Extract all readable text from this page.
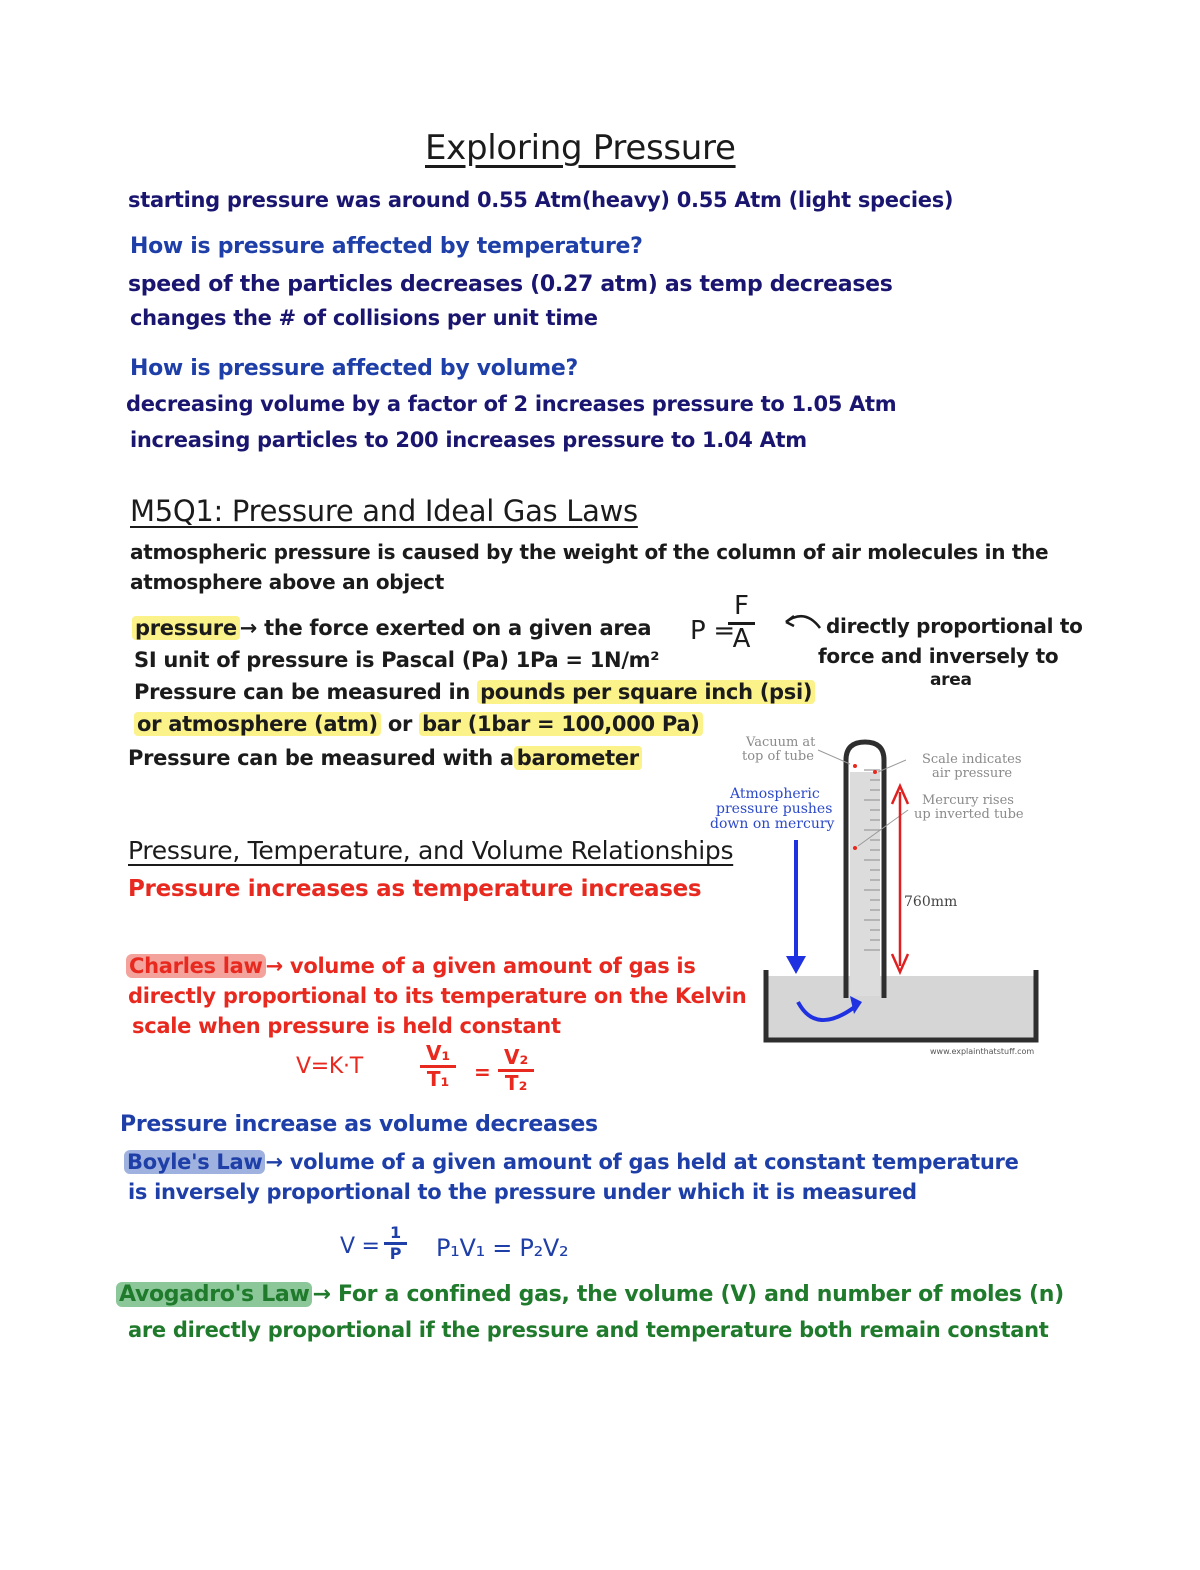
Exploring Pressure
starting pressure was around 0.55 Atm(heavy) 0.55 Atm (light species)
How is pressure affected by temperature?
speed of the particles decreases (0.27 atm) as temp decreases
changes the # of collisions per unit time
How is pressure affected by volume?
decreasing volume by a factor of 2 increases pressure to 1.05 Atm
increasing particles to 200 increases pressure to 1.04 Atm
M5Q1: Pressure and Ideal Gas Laws
atmospheric pressure is caused by the weight of the column of air molecules in the
atmosphere above an object
pressure → the force exerted on a given area
SI unit of pressure is Pascal (Pa) 1Pa = 1N/m²
Pressure can be measured in pounds per square inch (psi)
or atmosphere (atm) or bar (1bar = 100,000 Pa)
Pressure can be measured with a barometer
P =
$\frac{F}{A}$	directly proportional to
force and inversely to
area
Vacuum at
top of tube	Scale indicates
air pressure
Atmospheric
pressure pushes
down on mercury
Mercury rises
up inverted tube
760mm
www.explainthatstuff.com
Pressure, Temperature, and Volume Relationships
Pressure increases as temperature increases
Charles law → volume of a given amount of gas is
directly proportional to its temperature on the Kelvin
scale when pressure is held constant
V=K·T	$\frac{\text{V₁}}{\text{T₁}} = \frac{\text{V₂}}{\text{T₂}}$
Pressure increase as volume decreases
Boyle's Law → volume of a given amount of gas held at constant temperature
is inversely proportional to the pressure under which it is measured
$V = \frac{1}{P} P_1V_1 = P_2V_2$
Avogadro's Law → For a confined gas, the volume (V) and number of moles (n)
are directly proportional if the pressure and temperature both remain constant
